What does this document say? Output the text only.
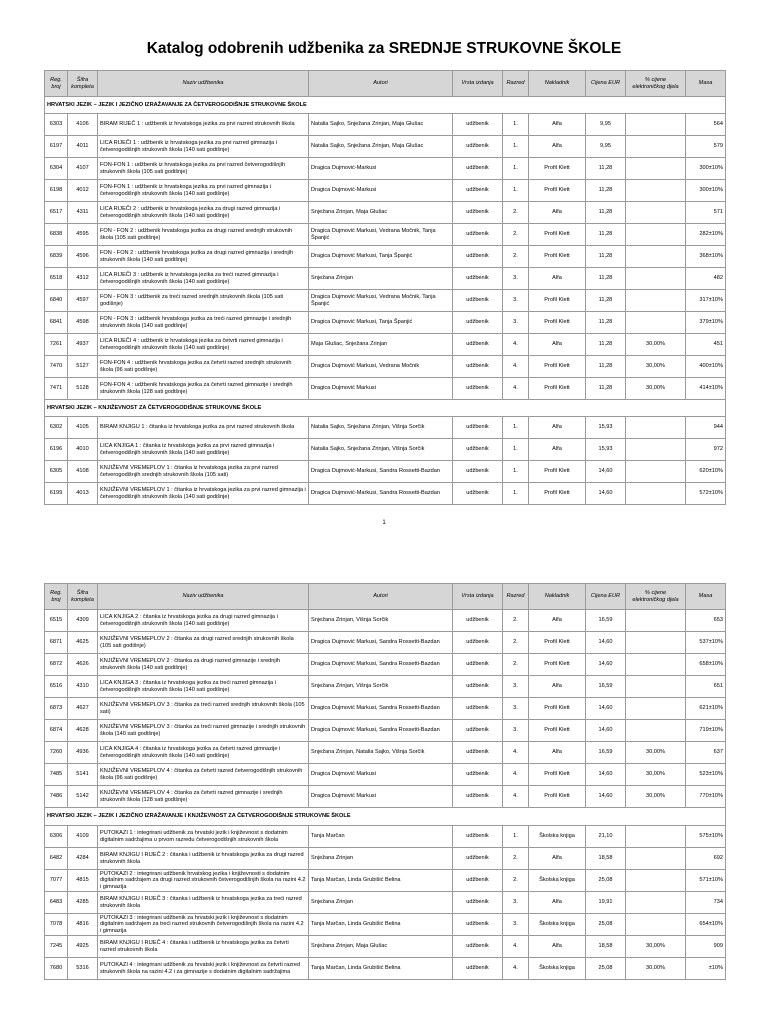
Katalog odobrenih udžbenika za SREDNJE STRUKOVNE ŠKOLE
Reg. broj	Šifra kompleta	Naziv udžbenika	Autori	Vrsta izdanja	Razred	Nakladnik	Cijena EUR	% cijene elektroničkog djela	Masa
HRVATSKI JEZIK – JEZIK I JEZIČNO IZRAŽAVANJE ZA ČETVEROGODIŠNJE STRUKOVNE ŠKOLE									
6303	4106	BIRAM RIJEČ 1 : udžbenik iz hrvatskoga jezika za prvi razred strukovnih škola	Natalia Sajko, Snježana Zrinjan, Maja Glušac	udžbenik	1.	Alfa	9,95		564
6197	4011	LICA RIJEČI 1 : udžbenik iz hrvatskoga jezika za prvi razred gimnazija i četverogodišnjih strukovnih škola (140 sati godišnje)	Natalia Sajko, Snježana Zrinjan, Maja Glušac	udžbenik	1.	Alfa	9,95		579
6304	4107	FON-FON 1 : udžbenik iz hrvatskoga jezika za prvi razred četverogodišnjih strukovnih škola (105 sati godišnje)	Dragica Dujmović-Markusi	udžbenik	1.	Profil Klett	11,28		300±10%
6198	4012	FON-FON 1 : udžbenik iz hrvatskoga jezika za prvi razred gimnazija i četverogodišnjih strukovnih škola (140 sati godišnje)	Dragica Dujmović-Markusi	udžbenik	1.	Profil Klett	11,28		300±10%
6517	4311	LICA RIJEČI 2 : udžbenik iz hrvatskoga jezika za drugi razred gimnazija i četverogodišnjih strukovnih škola (140 sati godišnje)	Snježana Zrinjan, Maja Glušac	udžbenik	2.	Alfa	11,28		571
6838	4595	FON - FON 2 : udžbenik hrvatskoga jezika za drugi razred srednjih strukovnih škola (105 sati godišnje)	Dragica Dujmović Markusi, Vedrana Močnik, Tanja Španjić	udžbenik	2.	Profil Klett	11,28		282±10%
6839	4596	FON - FON 2 : udžbenik hrvatskoga jezika za drugi razred gimnazija i srednjih strukovnih škola (140 sati godišnje)	Dragica Dujmović Markusi, Tanja Španjić	udžbenik	2.	Profil Klett	11,28		368±10%
6518	4312	LICA RIJEČI 3 : udžbenik iz hrvatskoga jezika za treći razred gimnazija i četverogodišnjih strukovnih škola (140 sati godišnje)	Snježana Zrinjan	udžbenik	3.	Alfa	11,28		482
6840	4597	FON - FON 3 : udžbenik za treći razred srednjih strukovnih škola (105 sati godišnje)	Dragica Dujmović Markusi, Vedrana Močnik, Tanja Španjić	udžbenik	3.	Profil Klett	11,28		317±10%
6841	4598	FON - FON 3 : udžbenik hrvatskoga jezika za treći razred gimnazije i srednjih strukovnih škola (140 sati godišnje)	Dragica Dujmović Markusi, Tanja Španjić	udžbenik	3.	Profil Klett	11,28		379±10%
7261	4937	LICA RIJEČI 4 : udžbenik iz hrvatskoga jezika za četvrti razred gimnazija i četverogodišnjih strukovnih škola (140 sati godišnje)	Maja Glušac, Snježana Zrinjan	udžbenik	4.	Alfa	11,28	30,00%	451
7470	5127	FON-FON 4 : udžbenik hrvatskoga jezika za četvrti razred srednjih strukovnih škola (96 sati godišnje)	Dragica Dujmović Markusi, Vedrana Močnik	udžbenik	4.	Profil Klett	11,28	30,00%	400±10%
7471	5128	FON-FON 4 : udžbenik hrvatskoga jezika za četvrti razred gimnazije i srednjih strukovnih škola (128 sati godišnje)	Dragica Dujmović Markusi	udžbenik	4.	Profil Klett	11,28	30,00%	414±10%
HRVATSKI JEZIK – KNJIŽEVNOST ZA ČETVEROGODIŠNJE STRUKOVNE ŠKOLE									
6302	4105	BIRAM KNJIGU 1 : čitanka iz hrvatskoga jezika za prvi razred strukovnih škola	Natalia Sajko, Snježana Zrinjan, Višnja Sorčik	udžbenik	1.	Alfa	15,93		944
6196	4010	LICA KNJIGA 1 : čitanka iz hrvatskoga jezika za prvi razred gimnazija i četverogodišnjih strukovnih škola (140 sati godišnje)	Natalia Sajko, Snježana Zrinjan, Višnja Sorčik	udžbenik	1.	Alfa	15,93		972
6305	4108	KNJIŽEVNI VREMEPLOV 1 : čitanka iz hrvatskoga jezika za prvi razred četverogodišnjih srednjih strukovnih škola (105 sati)	Dragica Dujmović-Markusi, Sandra Rossetti-Bazdan	udžbenik	1.	Profil Klett	14,60		620±10%
6199	4013	KNJIŽEVNI VREMEPLOV 1 : čitanka iz hrvatskoga jezika za prvi razred gimnazija i četverogodišnjih strukovnih škola (140 sati godišnje)	Dragica Dujmović-Markusi, Sandra Rossetti-Bazdan	udžbenik	1.	Profil Klett	14,60		572±10%
1
Reg. broj	Šifra kompleta	Naziv udžbenika	Autori	Vrsta izdanja	Razred	Nakladnik	Cijena EUR	% cijene elektroničkog djela	Masa
6515	4309	LICA KNJIGA 2 : čitanka iz hrvatskoga jezika za drugi razred gimnazija i četverogodišnjih strukovnih škola (140 sati godišnje)	Snježana Zrinjan, Višnja Sorčik	udžbenik	2.	Alfa	16,59		653
6871	4625	KNJIŽEVNI VREMEPLOV 2 : čitanka za drugi razred srednjih strukovnih škola (105 sati godišnje)	Dragica Dujmović Markusi, Sandra Rossetti-Bazdan	udžbenik	2.	Profil Klett	14,60		537±10%
6872	4626	KNJIŽEVNI VREMEPLOV 2 : čitanka za drugi razred gimnazije i srednjih strukovnih škola (140 sati godišnje)	Dragica Dujmović Markusi, Sandra Rossetti-Bazdan	udžbenik	2.	Profil Klett	14,60		658±10%
6516	4310	LICA KNJIGA 3 : čitanka iz hrvatskoga jezika za treći razred gimnazija i četverogodišnjih strukovnih škola (140 sati godišnje)	Snježana Zrinjan, Višnja Sorčik	udžbenik	3.	Alfa	16,59		651
6873	4627	KNJIŽEVNI VREMEPLOV 3 : čitanka za treći razred srednjih strukovnih škola (105 sati)	Dragica Dujmović Markusi, Sandra Rossetti-Bazdan	udžbenik	3.	Profil Klett	14,60		621±10%
6874	4628	KNJIŽEVNI VREMEPLOV 3 : čitanka za treći razred gimnazije i srednjih strukovnih škola (140 sati godišnje)	Dragica Dujmović Markusi, Sandra Rossetti-Bazdan	udžbenik	3.	Profil Klett	14,60		719±10%
7260	4936	LICA KNJIGA 4 : čitanka iz hrvatskoga jezika za četvrti razred gimnazije i četverogodišnjih strukovnih škola (140 sati godišnje)	Snježana Zrinjan, Natalia Sajko, Višnja Sorčik	udžbenik	4.	Alfa	16,59	30,00%	637
7485	5141	KNJIŽEVNI VREMEPLOV 4 : čitanka za četvrti razred četverogodišnjih strukovnih škola (96 sati godišnje)	Dragica Dujmović Markusi	udžbenik	4.	Profil Klett	14,60	30,00%	523±10%
7486	5142	KNJIŽEVNI VREMEPLOV 4 : čitanka za četvrti razred gimnazije i srednjih strukovnih škola (128 sati godišnje)	Dragica Dujmović Markusi	udžbenik	4.	Profil Klett	14,60	30,00%	770±10%
HRVATSKI JEZIK – JEZIK I JEZIČNO IZRAŽAVANJE I KNJIŽEVNOST ZA ČETVEROGODIŠNJE STRUKOVNE ŠKOLE									
6306	4109	PUTOKAZI 1 : integrirani udžbenik za hrvatski jezik i književnost s dodatnim digitalnim sadržajima u prvom razredu četverogodišnjih strukovnih škola	Tanja Marčan	udžbenik	1.	Školska knjiga	21,10		575±10%
6482	4284	BIRAM KNJIGU I RIJEČ 2 : čitanka i udžbenik iz hrvatskoga jezika za drugi razred strukovnih škola	Snježana Zrinjan	udžbenik	2.	Alfa	18,58		692
7077	4815	PUTOKAZI 2 : integrirani udžbenik hrvatskog jezika i književnosti s dodatnim digitalnim sadržajem za drugi razred strukovnih četverogodišnjih škola na razini 4.2 i gimnazija	Tanja Marčan, Linda Grubišić Belina	udžbenik	2.	Školska knjiga	25,08		571±10%
6483	4285	BIRAM KNJIGU I RIJEČ 3 : čitanka i udžbenik iz hrvatskoga jezika za treći razred strukovnih škola	Snježana Zrinjan	udžbenik	3.	Alfa	19,91		734
7078	4816	PUTOKAZI 3 : integrirani udžbenik za hrvatski jezik i književnost s dodatnim digitalnim sadržajem za treći razred strukovnih četverogodišnjih škola na razini 4.2 i gimnazija	Tanja Marčan, Linda Grubišić Belina	udžbenik	3.	Školska knjiga	25,08		654±10%
7245	4925	BIRAM KNJIGU I RIJEČ 4 : čitanka i udžbenik iz hrvatskoga jezika za četvrti razred strukovnih škola	Snježana Zrinjan, Maja Glušac	udžbenik	4.	Alfa	18,58	30,00%	909
7680	5316	PUTOKAZI 4 : integrirani udžbenik za hrvatski jezik i književnost za četvrti razred strukovnih škola na razini 4.2 i za gimnazije s dodatnim digitalnim sadržajima	Tanja Marčan, Linda Grubišić Belina	udžbenik	4.	Školska knjiga	25,08	30,00%	±10%
